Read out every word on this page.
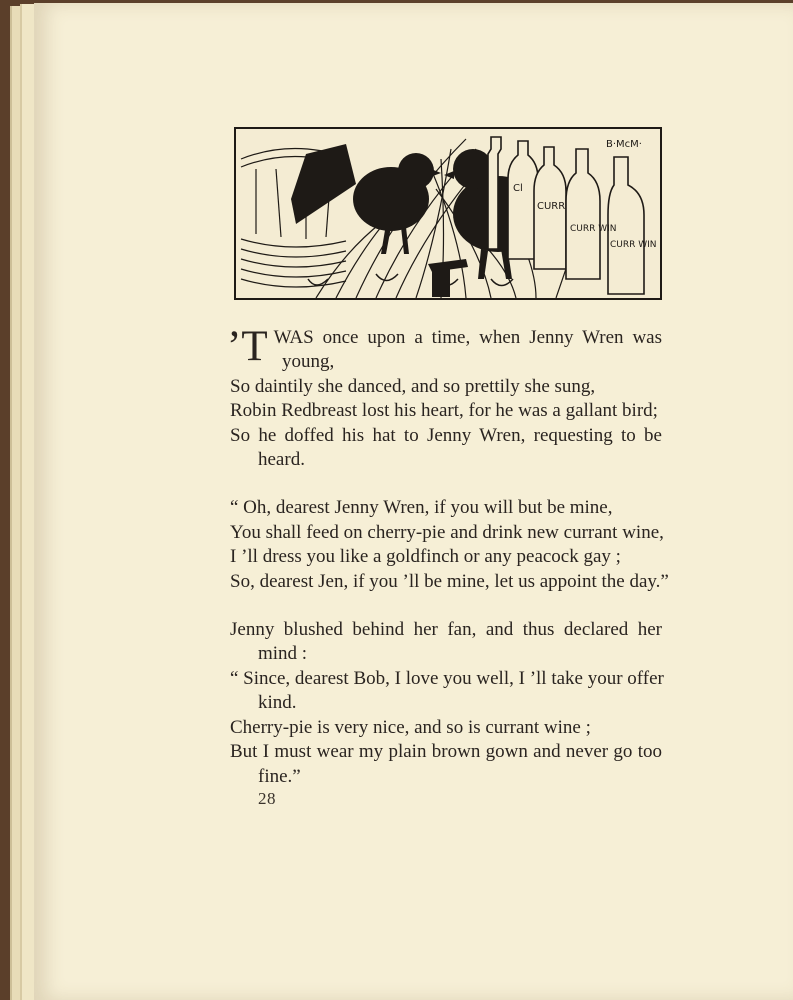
B·McM·
Cl
CURR
CURR WIN
CURR WIN
’T WAS once upon a time, when Jenny Wren was
young,
So daintily she danced, and so prettily she sung,
Robin Redbreast lost his heart, for he was a gallant bird;
So he doffed his hat to Jenny Wren, requesting to be
heard.
“ Oh, dearest Jenny Wren, if you will but be mine,
You shall feed on cherry-pie and drink new currant wine,
I ’ll dress you like a goldfinch or any peacock gay ;
So, dearest Jen, if you ’ll be mine, let us appoint the day.”
Jenny blushed behind her fan, and thus declared her
mind :
“ Since, dearest Bob, I love you well, I ’ll take your offer
kind.
Cherry-pie is very nice, and so is currant wine ;
But I must wear my plain brown gown and never go too
fine.”
28
